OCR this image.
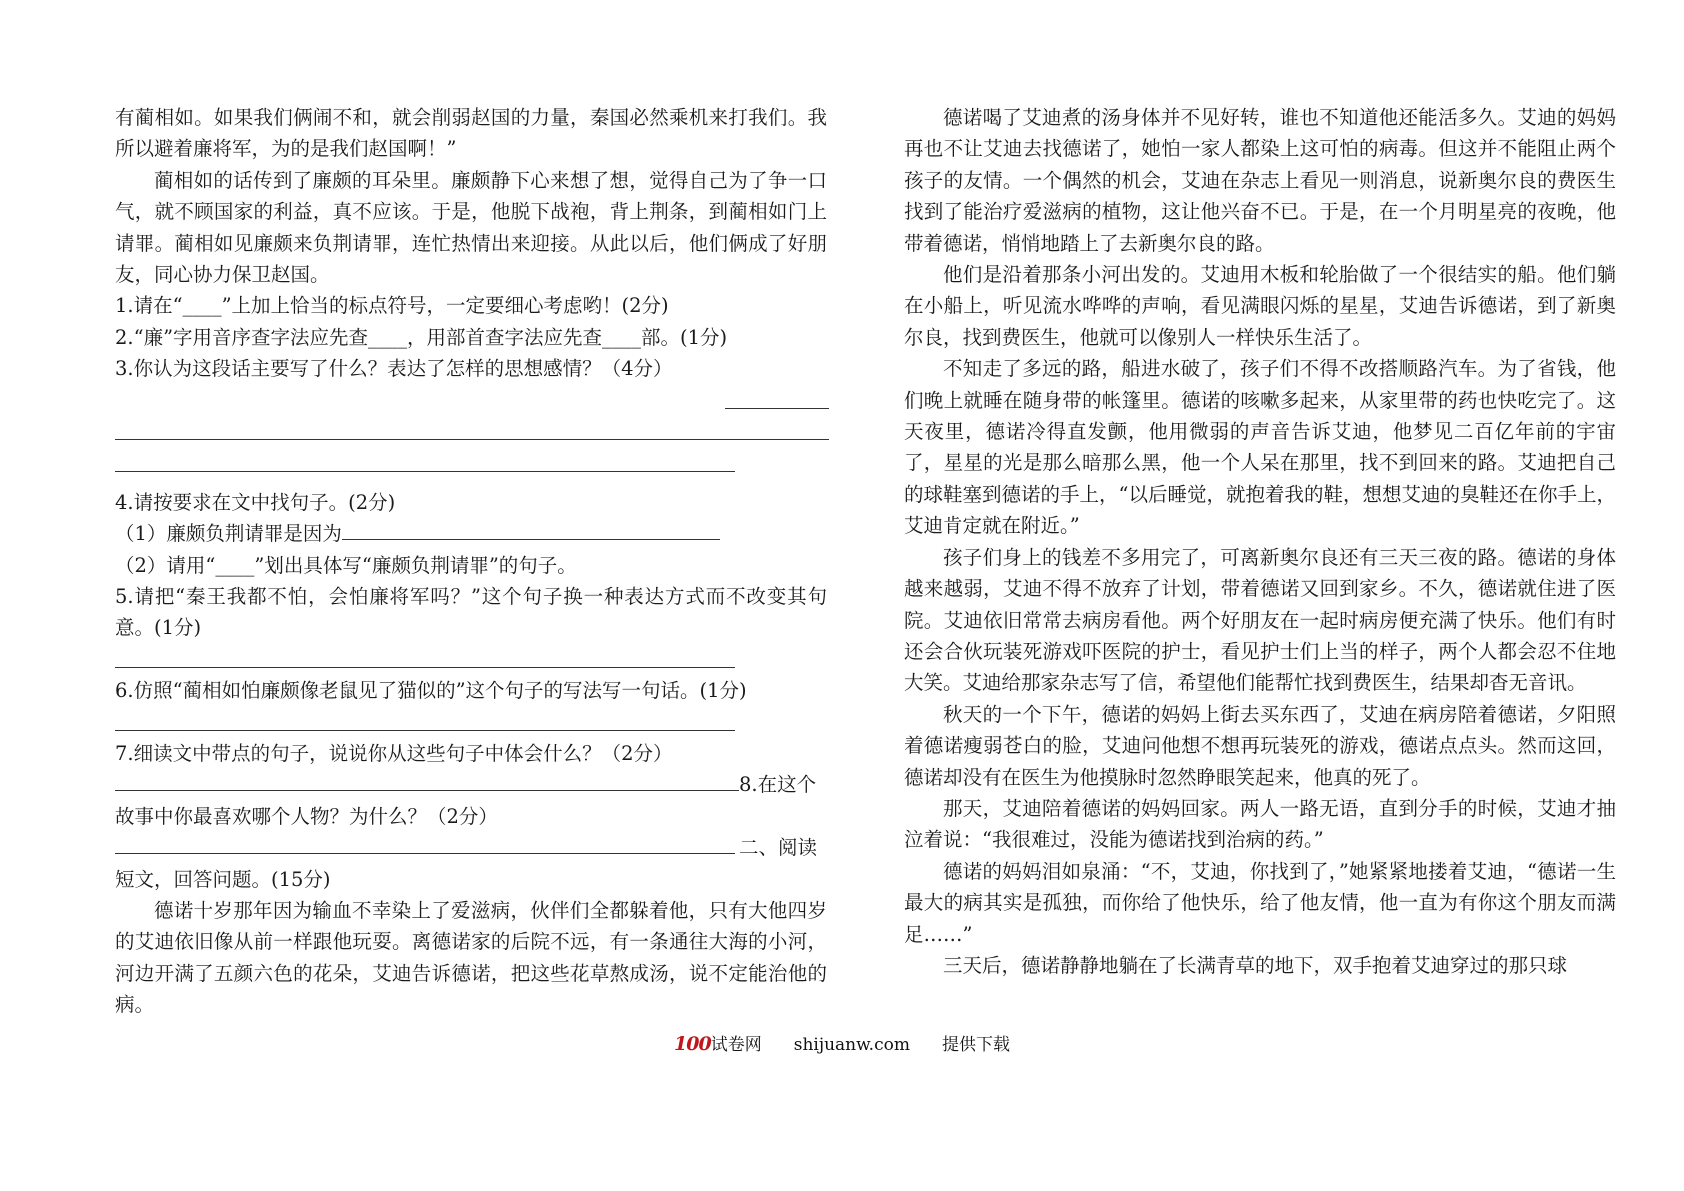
有蔺相如。如果我们俩闹不和，就会削弱赵国的力量，秦国必然乘机来打我们。我所以避着廉将军，为的是我们赵国啊！”

蔺相如的话传到了廉颇的耳朵里。廉颇静下心来想了想，觉得自己为了争一口气，就不顾国家的利益，真不应该。于是，他脱下战袍，背上荆条，到蔺相如门上请罪。蔺相如见廉颇来负荆请罪，连忙热情出来迎接。从此以后，他们俩成了好朋友，同心协力保卫赵国。

1.请在“____”上加上恰当的标点符号，一定要细心考虑哟！(2分)

2.“廉”字用音序查字法应先查____，用部首查字法应先查____部。(1分)

3.你认为这段话主要写了什么？表达了怎样的思想感情？（4分）

4.请按要求在文中找句子。(2分)

（1）廉颇负荆请罪是因为

（2）请用“____”划出具体写“廉颇负荆请罪”的句子。

5.请把“秦王我都不怕，会怕廉将军吗？”这个句子换一种表达方式而不改变其句意。(1分)

6.仿照“蔺相如怕廉颇像老鼠见了猫似的”这个句子的写法写一句话。(1分)

7.细读文中带点的句子，说说你从这些句子中体会什么？（2分）

8.在这个

故事中你最喜欢哪个人物？为什么？（2分）

二、阅读

短文，回答问题。(15分)

德诺十岁那年因为输血不幸染上了爱滋病，伙伴们全都躲着他，只有大他四岁的艾迪依旧像从前一样跟他玩耍。离德诺家的后院不远，有一条通往大海的小河，河边开满了五颜六色的花朵，艾迪告诉德诺，把这些花草熬成汤，说不定能治他的病。

德诺喝了艾迪煮的汤身体并不见好转，谁也不知道他还能活多久。艾迪的妈妈再也不让艾迪去找德诺了，她怕一家人都染上这可怕的病毒。但这并不能阻止两个孩子的友情。一个偶然的机会，艾迪在杂志上看见一则消息，说新奥尔良的费医生找到了能治疗爱滋病的植物，这让他兴奋不已。于是，在一个月明星亮的夜晚，他带着德诺，悄悄地踏上了去新奥尔良的路。

他们是沿着那条小河出发的。艾迪用木板和轮胎做了一个很结实的船。他们躺在小船上，听见流水哗哗的声响，看见满眼闪烁的星星，艾迪告诉德诺，到了新奥尔良，找到费医生，他就可以像别人一样快乐生活了。

不知走了多远的路，船进水破了，孩子们不得不改搭顺路汽车。为了省钱，他们晚上就睡在随身带的帐篷里。德诺的咳嗽多起来，从家里带的药也快吃完了。这天夜里，德诺冷得直发颤，他用微弱的声音告诉艾迪，他梦见二百亿年前的宇宙了，星星的光是那么暗那么黑，他一个人呆在那里，找不到回来的路。艾迪把自己的球鞋塞到德诺的手上，“以后睡觉，就抱着我的鞋，想想艾迪的臭鞋还在你手上，艾迪肯定就在附近。”

孩子们身上的钱差不多用完了，可离新奥尔良还有三天三夜的路。德诺的身体越来越弱，艾迪不得不放弃了计划，带着德诺又回到家乡。不久，德诺就住进了医院。艾迪依旧常常去病房看他。两个好朋友在一起时病房便充满了快乐。他们有时还会合伙玩装死游戏吓医院的护士，看见护士们上当的样子，两个人都会忍不住地大笑。艾迪给那家杂志写了信，希望他们能帮忙找到费医生，结果却杳无音讯。

秋天的一个下午，德诺的妈妈上街去买东西了，艾迪在病房陪着德诺，夕阳照着德诺瘦弱苍白的脸，艾迪问他想不想再玩装死的游戏，德诺点点头。然而这回，德诺却没有在医生为他摸脉时忽然睁眼笑起来，他真的死了。

那天，艾迪陪着德诺的妈妈回家。两人一路无语，直到分手的时候，艾迪才抽泣着说：“我很难过，没能为德诺找到治病的药。”

德诺的妈妈泪如泉涌：“不，艾迪，你找到了，”她紧紧地搂着艾迪，“德诺一生最大的病其实是孤独，而你给了他快乐，给了他友情，他一直为有你这个朋友而满足……”

三天后，德诺静静地躺在了长满青草的地下，双手抱着艾迪穿过的那只球

100试卷网 shijuanw.com 提供下载
